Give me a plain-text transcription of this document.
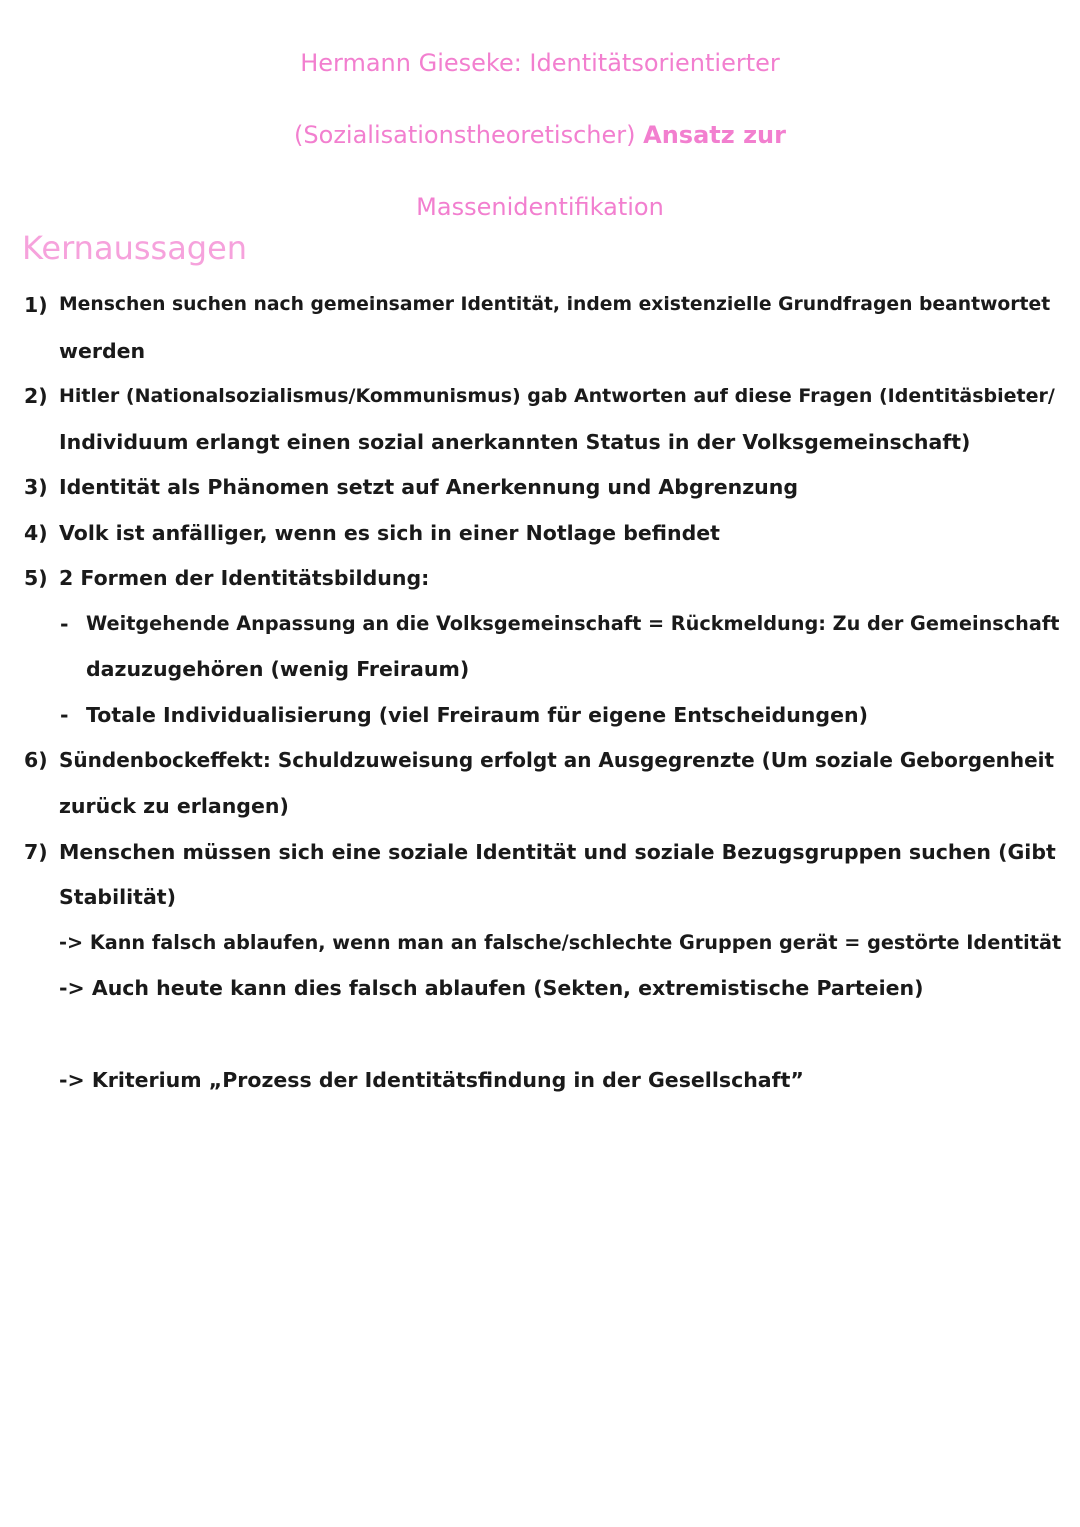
Hermann Gieseke: Identitätsorientierter
(Sozialisationstheoretischer) Ansatz zur
Massenidentifikation
Kernaussagen
1) Menschen suchen nach gemeinsamer Identität, indem existenzielle Grundfragen beantwortet
werden
2) Hitler (Nationalsozialismus/Kommunismus) gab Antworten auf diese Fragen (Identitäsbieter/
Individuum erlangt einen sozial anerkannten Status in der Volksgemeinschaft)
3) Identität als Phänomen setzt auf Anerkennung und Abgrenzung
4) Volk ist anfälliger, wenn es sich in einer Notlage befindet
5) 2 Formen der Identitätsbildung:
- Weitgehende Anpassung an die Volksgemeinschaft = Rückmeldung: Zu der Gemeinschaft
dazuzugehören (wenig Freiraum)
- Totale Individualisierung (viel Freiraum für eigene Entscheidungen)
6) Sündenbockeffekt: Schuldzuweisung erfolgt an Ausgegrenzte (Um soziale Geborgenheit
zurück zu erlangen)
7) Menschen müssen sich eine soziale Identität und soziale Bezugsgruppen suchen (Gibt
Stabilität)
-> Kann falsch ablaufen, wenn man an falsche/schlechte Gruppen gerät = gestörte Identität
-> Auch heute kann dies falsch ablaufen (Sekten, extremistische Parteien)
-> Kriterium „Prozess der Identitätsfindung in der Gesellschaft”
